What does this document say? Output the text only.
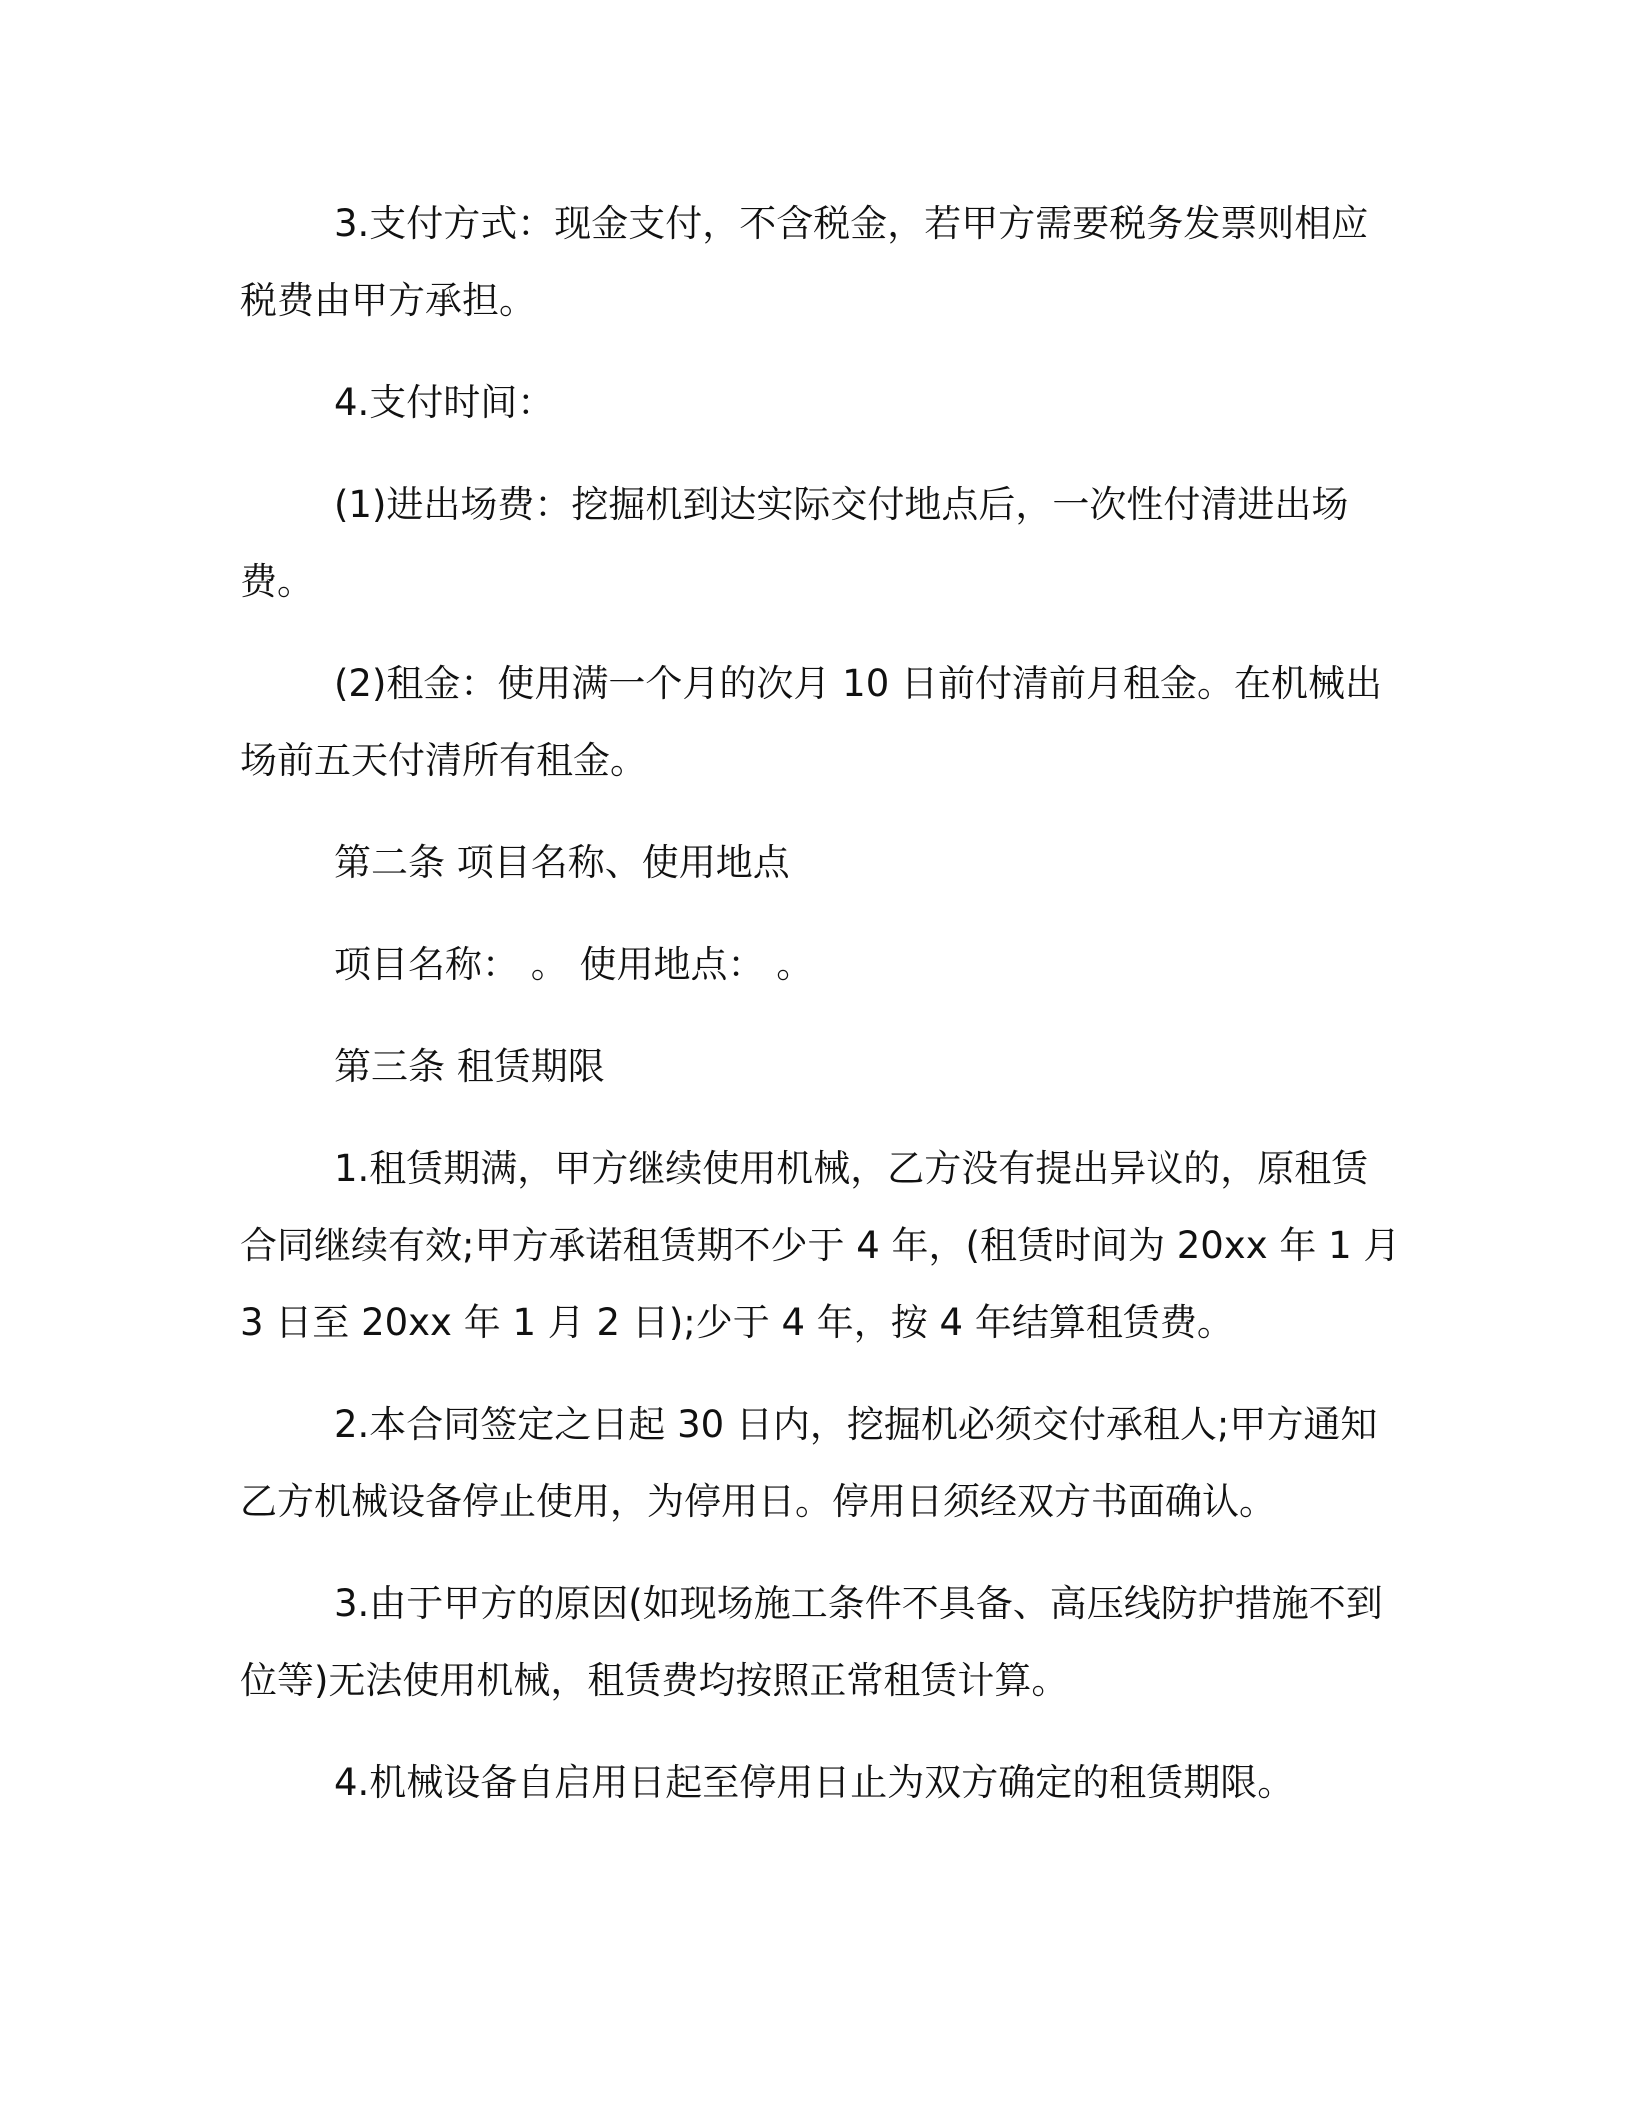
3.支付方式：现金支付，不含税金，若甲方需要税务发票则相应税费由甲方承担。

4.支付时间：

(1)进出场费：挖掘机到达实际交付地点后，一次性付清进出场费。

(2)租金：使用满一个月的次月 10 日前付清前月租金。在机械出场前五天付清所有租金。

第二条 项目名称、使用地点

项目名称： 。 使用地点： 。

第三条 租赁期限

1.租赁期满，甲方继续使用机械，乙方没有提出异议的，原租赁合同继续有效;甲方承诺租赁期不少于 4 年，(租赁时间为 20xx 年 1 月 3 日至 20xx 年 1 月 2 日);少于 4 年，按 4 年结算租赁费。

2.本合同签定之日起 30 日内，挖掘机必须交付承租人;甲方通知乙方机械设备停止使用，为停用日。停用日须经双方书面确认。

3.由于甲方的原因(如现场施工条件不具备、高压线防护措施不到位等)无法使用机械，租赁费均按照正常租赁计算。

4.机械设备自启用日起至停用日止为双方确定的租赁期限。
